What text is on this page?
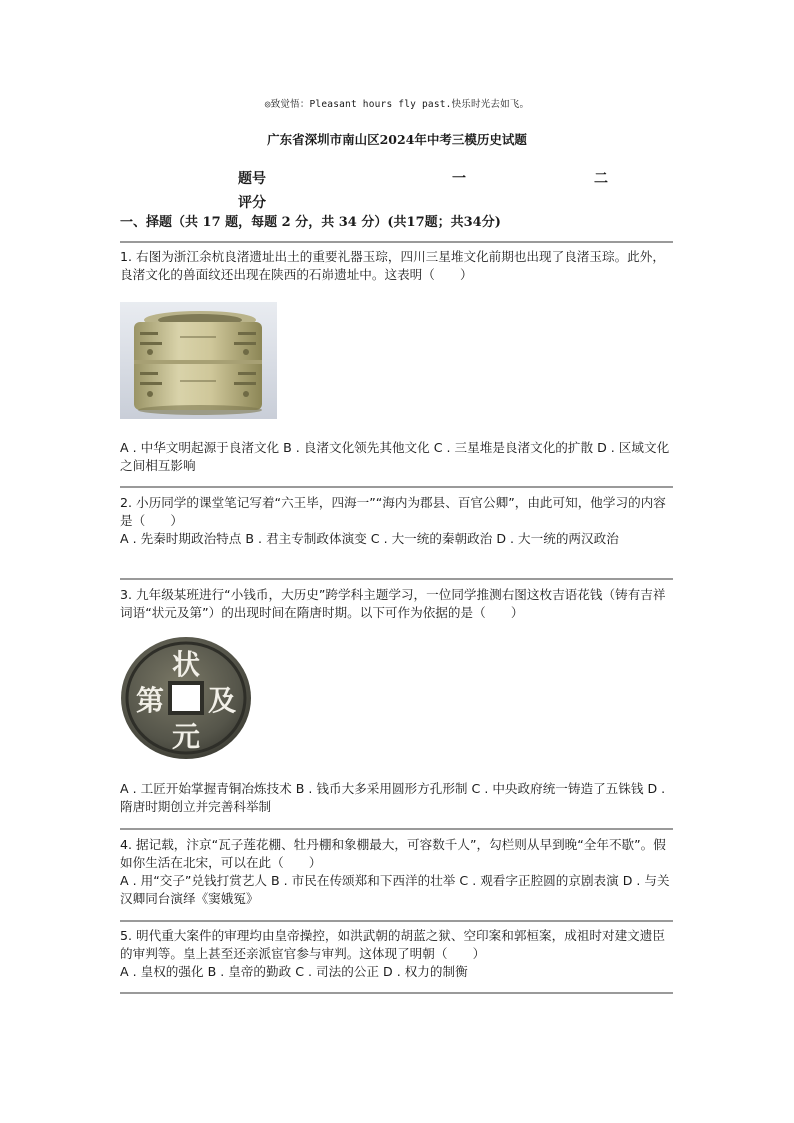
◎致觉悟：Pleasant hours fly past.快乐时光去如飞。
广东省深圳市南山区2024年中考三模历史试题
题号	一	二
评分
一、择题（共 17 题，每题 2 分，共 34 分）(共17题；共34分)

1. 右图为浙江余杭良渚遗址出土的重要礼器玉琮，四川三星堆文化前期也出现了良渚玉琮。此外，良渚文化的兽面纹还出现在陕西的石峁遗址中。这表明（　　）

A . 中华文明起源于良渚文化 B . 良渚文化领先其他文化 C . 三星堆是良渚文化的扩散 D . 区域文化之间相互影响

2. 小历同学的课堂笔记写着“六王毕，四海一”“海内为郡县、百官公卿”，由此可知，他学习的内容是（　　）

A . 先秦时期政治特点 B . 君主专制政体演变 C . 大一统的秦朝政治 D . 大一统的两汉政治

3. 九年级某班进行“小钱币，大历史”跨学科主题学习，一位同学推测右图这枚吉语花钱（铸有吉祥词语“状元及第”）的出现时间在隋唐时期。以下可作为依据的是（　　）

状
元
及
第

A . 工匠开始掌握青铜冶炼技术 B . 钱币大多采用圆形方孔形制 C . 中央政府统一铸造了五铢钱 D . 隋唐时期创立并完善科举制

4. 据记载，汴京“瓦子莲花棚、牡丹棚和象棚最大，可容数千人”，勾栏则从早到晚“全年不歇”。假如你生活在北宋，可以在此（　　）

A . 用“交子”兑钱打赏艺人 B . 市民在传颂郑和下西洋的壮举 C . 观看字正腔圆的京剧表演 D . 与关汉卿同台演绎《窦娥冤》

5. 明代重大案件的审理均由皇帝操控，如洪武朝的胡蓝之狱、空印案和郭桓案，成祖时对建文遗臣的审判等。皇上甚至还亲派宦官参与审判。这体现了明朝（　　）

A . 皇权的强化 B . 皇帝的勤政 C . 司法的公正 D . 权力的制衡
